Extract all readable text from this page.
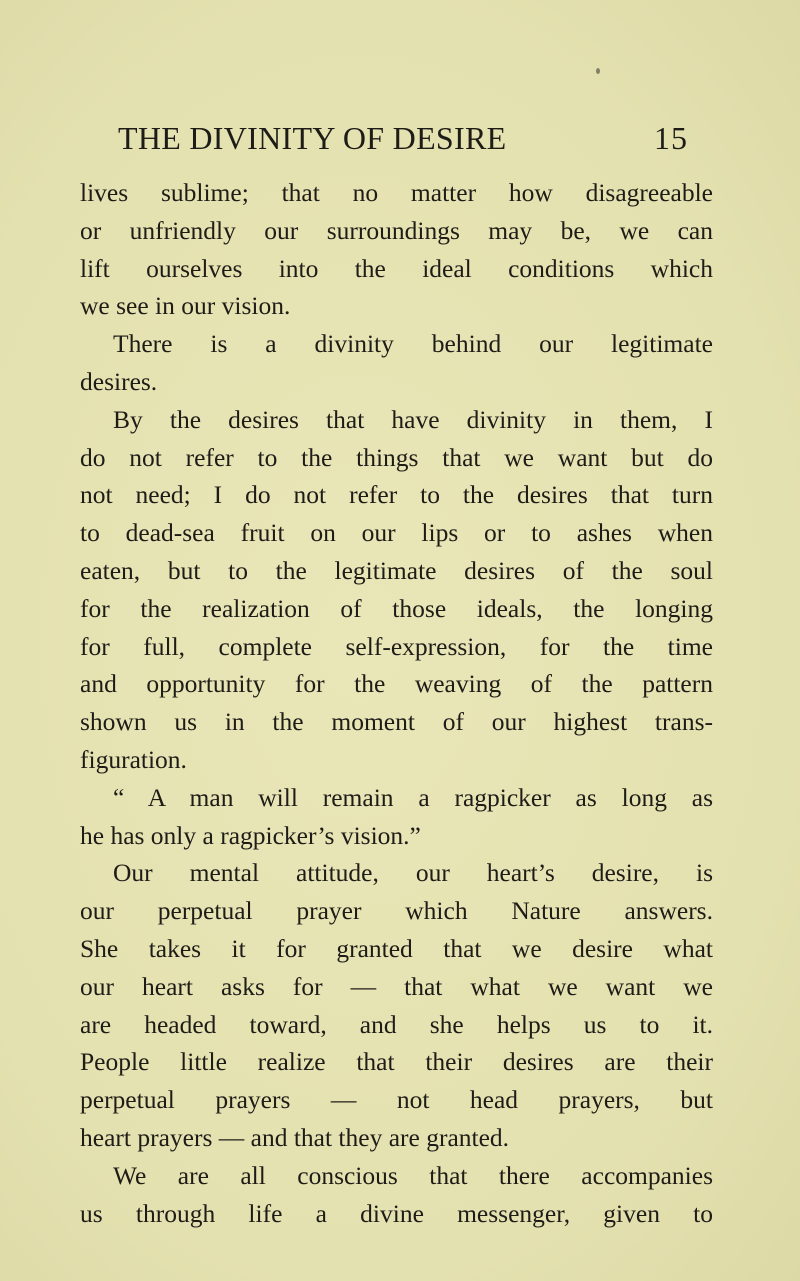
THE DIVINITY OF DESIRE	15
lives sublime; that no matter how disagreeable
or unfriendly our surroundings may be, we can
lift ourselves into the ideal conditions which
we see in our vision.
There is a divinity behind our legitimate
desires.
By the desires that have divinity in them, I
do not refer to the things that we want but do
not need; I do not refer to the desires that turn
to dead-sea fruit on our lips or to ashes when
eaten, but to the legitimate desires of the soul
for the realization of those ideals, the longing
for full, complete self-expression, for the time
and opportunity for the weaving of the pattern
shown us in the moment of our highest trans-
figuration.
“ A man will remain a ragpicker as long as
he has only a ragpicker’s vision.”
Our mental attitude, our heart’s desire, is
our perpetual prayer which Nature answers.
She takes it for granted that we desire what
our heart asks for — that what we want we
are headed toward, and she helps us to it.
People little realize that their desires are their
perpetual prayers — not head prayers, but
heart prayers — and that they are granted.
We are all conscious that there accompanies
us through life a divine messenger, given to
